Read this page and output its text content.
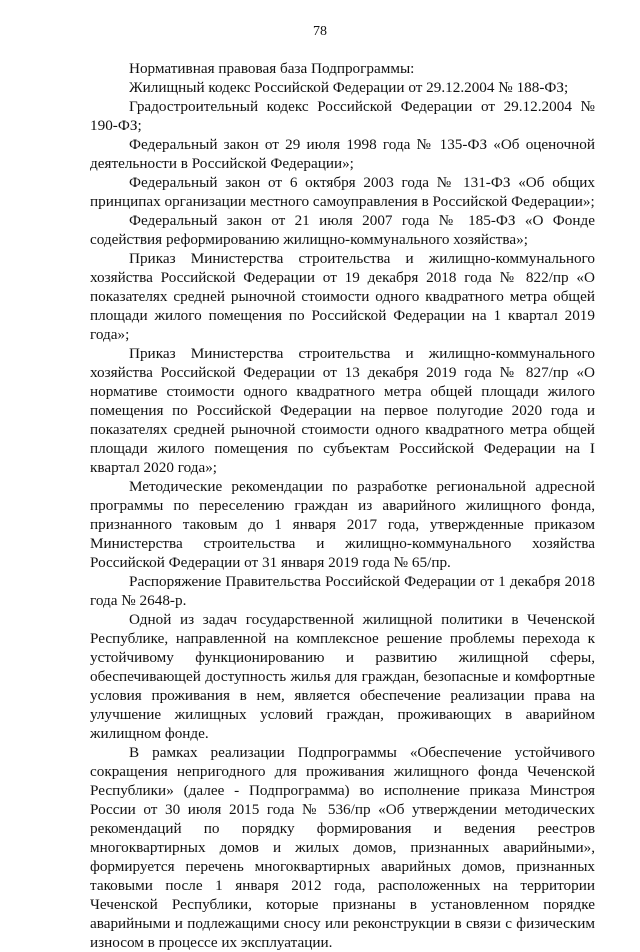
78

Нормативная правовая база Подпрограммы:

Жилищный кодекс Российской Федерации от 29.12.2004 № 188-ФЗ;

Градостроительный кодекс Российской Федерации от 29.12.2004 № 190-ФЗ;

Федеральный закон от 29 июля 1998 года № 135-ФЗ «Об оценочной деятельности в Российской Федерации»;

Федеральный закон от 6 октября 2003 года № 131-ФЗ «Об общих принципах организации местного самоуправления в Российской Федерации»;

Федеральный закон от 21 июля 2007 года № 185-ФЗ «О Фонде содействия реформированию жилищно-коммунального хозяйства»;

Приказ Министерства строительства и жилищно-коммунального хозяйства Российской Федерации от 19 декабря 2018 года № 822/пр «О показателях средней рыночной стоимости одного квадратного метра общей площади жилого помещения по Российской Федерации на 1 квартал 2019 года»;

Приказ Министерства строительства и жилищно-коммунального хозяйства Российской Федерации от 13 декабря 2019 года № 827/пр «О нормативе стоимости одного квадратного метра общей площади жилого помещения по Российской Федерации на первое полугодие 2020 года и показателях средней рыночной стоимости одного квадратного метра общей площади жилого помещения по субъектам Российской Федерации на I квартал 2020 года»;

Методические рекомендации по разработке региональной адресной программы по переселению граждан из аварийного жилищного фонда, признанного таковым до 1 января 2017 года, утвержденные приказом Министерства строительства и жилищно-коммунального хозяйства Российской Федерации от 31 января 2019 года № 65/пр.

Распоряжение Правительства Российской Федерации от 1 декабря 2018 года № 2648-р.

Одной из задач государственной жилищной политики в Чеченской Республике, направленной на комплексное решение проблемы перехода к устойчивому функционированию и развитию жилищной сферы, обеспечивающей доступность жилья для граждан, безопасные и комфортные условия проживания в нем, является обеспечение реализации права на улучшение жилищных условий граждан, проживающих в аварийном жилищном фонде.

В рамках реализации Подпрограммы «Обеспечение устойчивого сокращения непригодного для проживания жилищного фонда Чеченской Республики» (далее - Подпрограмма) во исполнение приказа Минстроя России от 30 июля 2015 года № 536/пр «Об утверждении методических рекомендаций по порядку формирования и ведения реестров многоквартирных домов и жилых домов, признанных аварийными», формируется перечень многоквартирных аварийных домов, признанных таковыми после 1 января 2012 года, расположенных на территории Чеченской Республики, которые признаны в установленном порядке аварийными и подлежащими сносу или реконструкции в связи с физическим износом в процессе их эксплуатации.
